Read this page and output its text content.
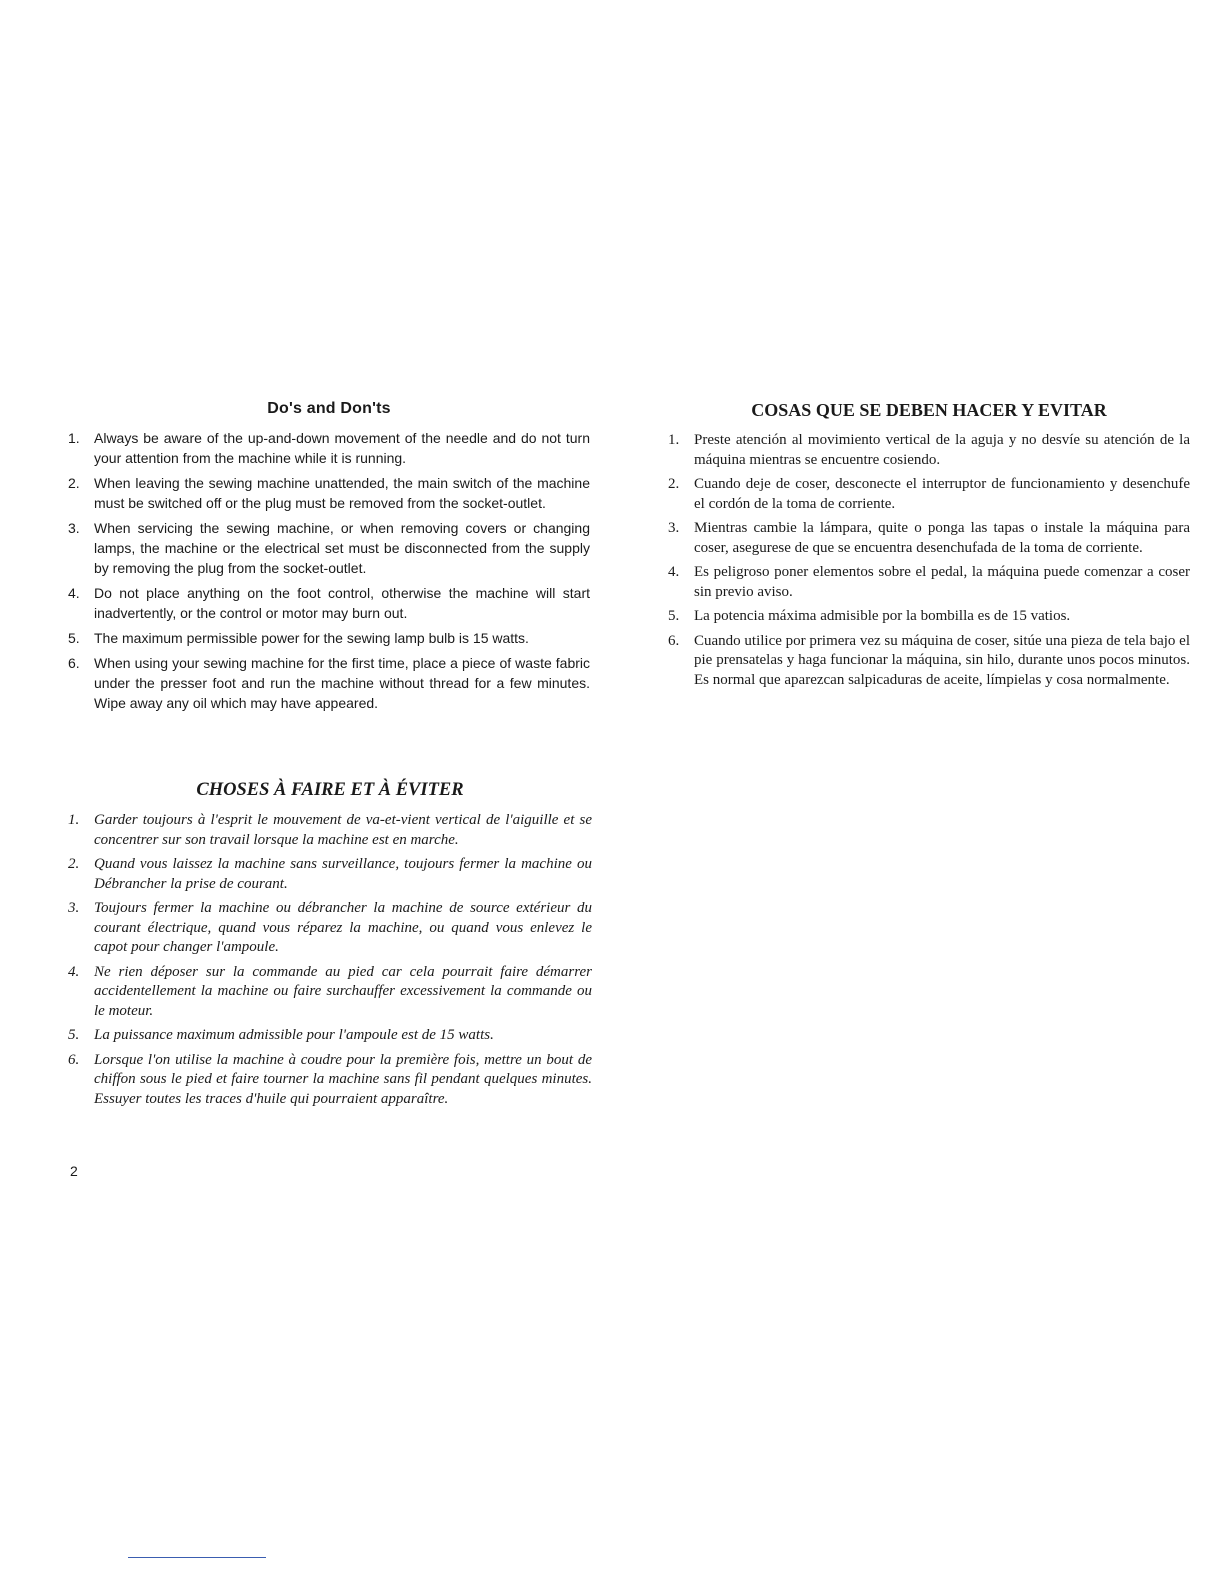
Do's and Don'ts
1.	Always be aware of the up-and-down movement of the needle and do not turn your attention from the machine while it is running.
2.	When leaving the sewing machine unattended, the main switch of the machine must be switched off or the plug must be removed from the socket-outlet.
3.	When servicing the sewing machine, or when removing covers or changing lamps, the machine or the electrical set must be disconnected from the supply by removing the plug from the socket-outlet.
4.	Do not place anything on the foot control, otherwise the machine will start inadvertently, or the control or motor may burn out.
5.	The maximum permissible power for the sewing lamp bulb is 15 watts.
6.	When using your sewing machine for the first time, place a piece of waste fabric under the presser foot and run the machine without thread for a few minutes. Wipe away any oil which may have appeared.
CHOSES À FAIRE ET À ÉVITER
1. Garder toujours à l'esprit le mouvement de va-et-vient vertical de l'aiguille et se concentrer sur son travail lorsque la machine est en marche.
2. Quand vous laissez la machine sans surveillance, toujours fermer la machine ou Débrancher la prise de courant.
3. Toujours fermer la machine ou débrancher la machine de source extérieur du courant électrique, quand vous réparez la machine, ou quand vous enlevez le capot pour changer l'ampoule.
4. Ne rien déposer sur la commande au pied car cela pourrait faire démarrer accidentellement la machine ou faire surchauffer excessivement la commande ou le moteur.
5. La puissance maximum admissible pour l'ampoule est de 15 watts.
6. Lorsque l'on utilise la machine à coudre pour la première fois, mettre un bout de chiffon sous le pied et faire tourner la machine sans fil pendant quelques minutes. Essuyer toutes les traces d'huile qui pourraient apparaître.
COSAS QUE SE DEBEN HACER Y EVITAR
1. Preste atención al movimiento vertical de la aguja y no desvíe su atención de la máquina mientras se encuentre cosiendo.
2. Cuando deje de coser, desconecte el interruptor de funcionamiento y desenchufe el cordón de la toma de corriente.
3. Mientras cambie la lámpara, quite o ponga las tapas o instale la máquina para coser, asegurese de que se encuentra desenchufada de la toma de corriente.
4. Es peligroso poner elementos sobre el pedal, la máquina puede comenzar a coser sin previo aviso.
5. La potencia máxima admisible por la bombilla es de 15 vatios.
6. Cuando utilice por primera vez su máquina de coser, sitúe una pieza de tela bajo el pie prensatelas y haga funcionar la máquina, sin hilo, durante unos pocos minutos. Es normal que aparezcan salpicaduras de aceite, límpielas y cosa normalmente.
2
